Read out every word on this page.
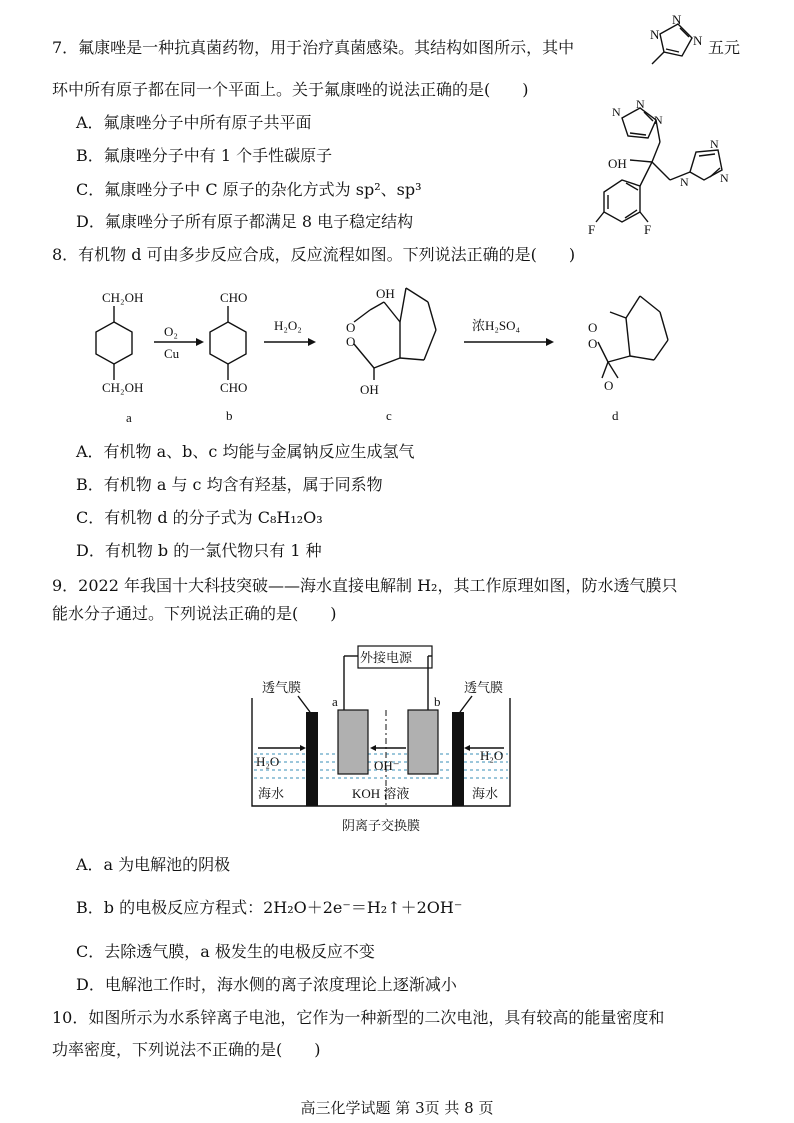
7．氟康唑是一种抗真菌药物，用于治疗真菌感染。其结构如图所示，其中
N
N
N 五元
环中所有原子都在同一个平面上。关于氟康唑的说法正确的是(　　)
A．氟康唑分子中所有原子共平面
B．氟康唑分子中有 1 个手性碳原子
C．氟康唑分子中 C 原子的杂化方式为 sp²、sp³
D．氟康唑分子所有原子都满足 8 电子稳定结构
N
N
N
OH
N
N
N
F	F
8．有机物 d 可由多步反应合成，反应流程如图。下列说法正确的是(　　)
CH₂OH
CH₂OH
a
O₂
Cu
CHO
CHO
b
H₂O₂
OH
O
O
OH
c
浓H₂SO₄	O
O
O
d
A．有机物 a、b、c 均能与金属钠反应生成氢气
B．有机物 a 与 c 均含有羟基，属于同系物
C．有机物 d 的分子式为 C₈H₁₂O₃
D．有机物 b 的一氯代物只有 1 种
9．2022 年我国十大科技突破——海水直接电解制 H₂，其工作原理如图，防水透气膜只
能水分子通过。下列说法正确的是(　　)
外接电源
透气膜	透气膜
a	b
H₂O	H₂O
OH⁻
海水	KOH 溶液	海水
阴离子交换膜
A．a 为电解池的阴极
B．b 的电极反应方程式：2H₂O＋2e⁻＝H₂↑＋2OH⁻
C．去除透气膜，a 极发生的电极反应不变
D．电解池工作时，海水侧的离子浓度理论上逐渐减小
10．如图所示为水系锌离子电池，它作为一种新型的二次电池，具有较高的能量密度和
功率密度，下列说法不正确的是(　　)
高三化学试题 第 3页 共 8 页
